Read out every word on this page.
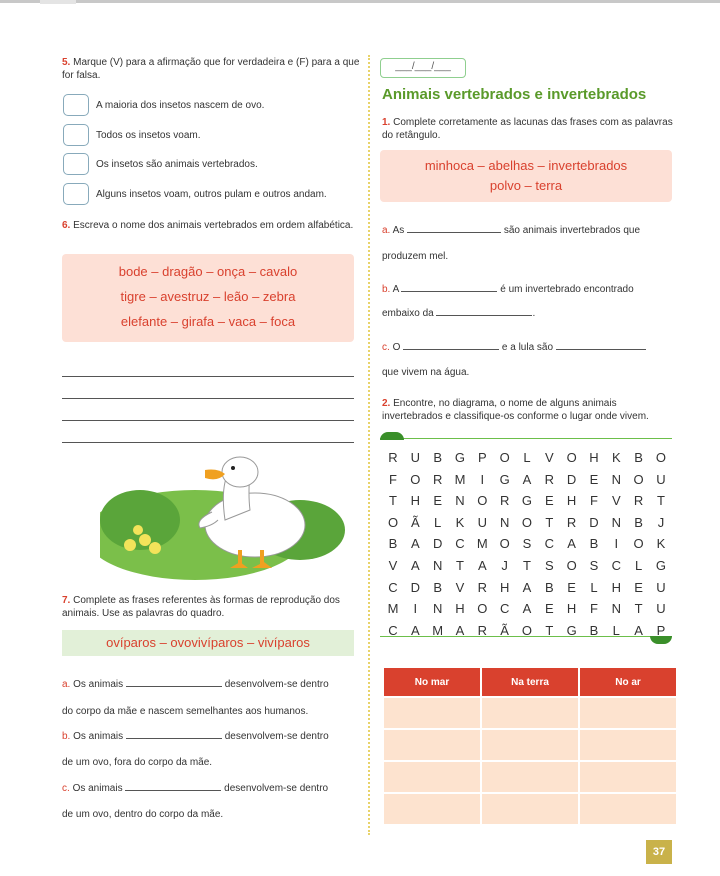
5. Marque (V) para a afirmação que for verdadeira e (F) para a que for falsa.
A maioria dos insetos nascem de ovo.
Todos os insetos voam.
Os insetos são animais vertebrados.
Alguns insetos voam, outros pulam e outros andam.
6. Escreva o nome dos animais vertebrados em ordem alfabética.
bode – dragão – onça – cavalo
tigre – avestruz – leão – zebra
elefante – girafa – vaca – foca
7. Complete as frases referentes às formas de reprodução dos animais. Use as palavras do quadro.
ovíparos – ovovivíparos – vivíparos
a. Os animais	desenvolvem-se dentro
do corpo da mãe e nascem semelhantes aos humanos.
b. Os animais	desenvolvem-se dentro
de um ovo, fora do corpo da mãe.
c. Os animais	desenvolvem-se dentro
de um ovo, dentro do corpo da mãe.
___/___/___
Animais vertebrados e invertebrados
1. Complete corretamente as lacunas das frases com as palavras do retângulo.
minhoca – abelhas – invertebrados
polvo – terra
a. As	são animais invertebrados que
produzem mel.
b. A	é um invertebrado encontrado
embaixo da	.
c. O	e a lula são
que vivem na água.
2. Encontre, no diagrama, o nome de alguns animais invertebrados e classifique-os conforme o lugar onde vivem.
R U	B G P O	L	V O H	K	B O
F	O R M	I	G A	R D	E	N O U
T	H	E	N O R G E	H	F	V	R	T
O Ã	L	K	U N O	T	R D N	B	J
B	A	D C M O S	C	A	B	I	O K
V	A	N	T	A	J	T	S O S	C	L	G
C D	B	V	R H	A	B	E	L	H	E	U
M	I	N H O C	A	E	H	F	N	T	U
C	A M A	R	Ã O	T	G B	L	A	P
No mar	Na terra	No ar

37
